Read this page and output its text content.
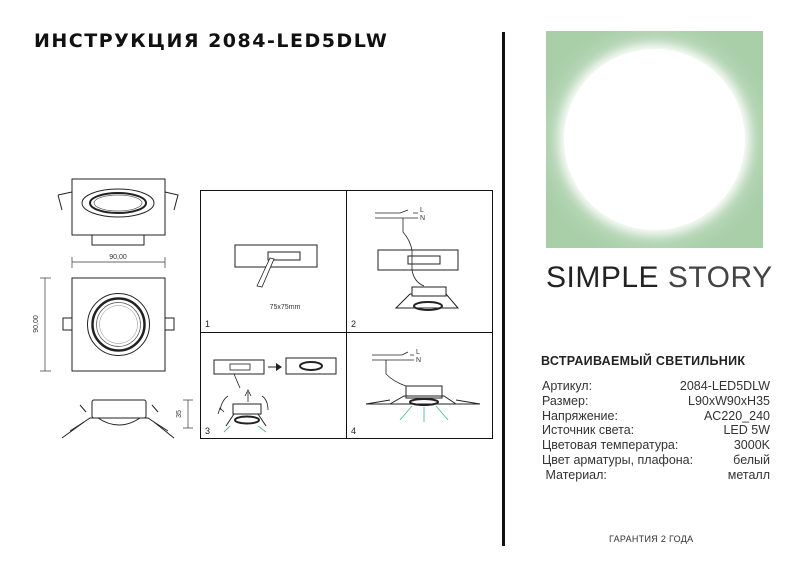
ИНСТРУКЦИЯ 2084-LED5DLW
90,00
90,00
35
75x75mm
1
L
N
2
3
L
N
4
SIMPLE STORY
ВСТРАИВАЕМЫЙ СВЕТИЛЬНИК
Артикул:	2084-LED5DLW
Размер:	L90xW90xH35
Напряжение:	AC220_240
Источник света:	LED 5W
Цветовая температура:	3000K
Цвет арматуры, плафона:	белый
Материал:	металл
ГАРАНТИЯ 2 ГОДА
